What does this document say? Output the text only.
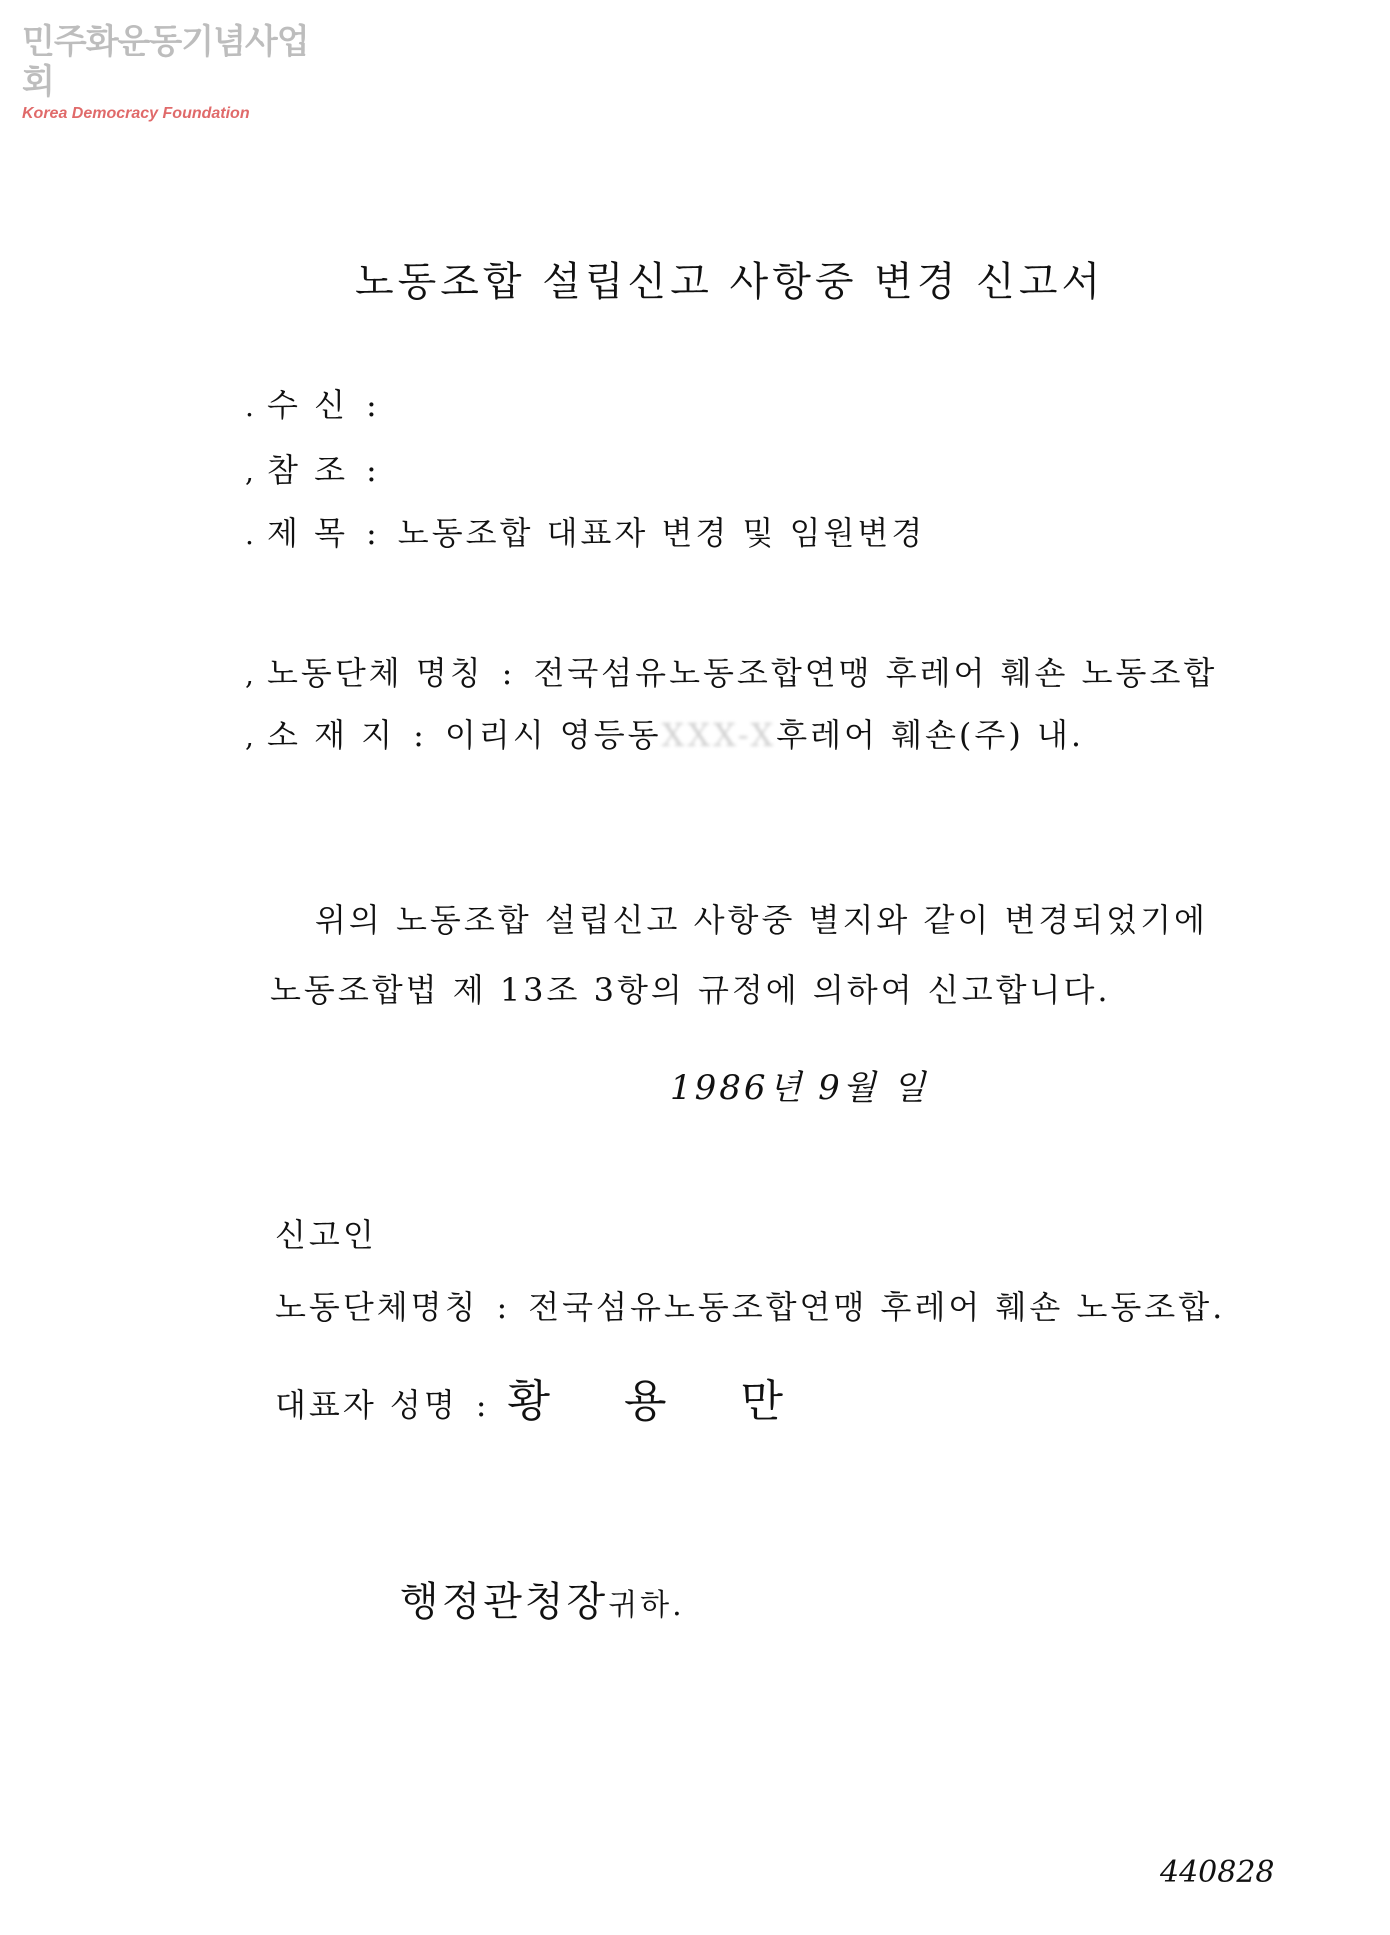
민주화운동기념사업회
Korea Democracy Foundation
노동조합 설립신고 사항중 변경 신고서
. 수 신 :
, 참 조 :
. 제 목 : 노동조합 대표자 변경 및 임원변경
, 노동단체 명칭 : 전국섬유노동조합연맹 후레어 훼숀 노동조합
, 소 재 지 : 이리시 영등동XXX-X후레어 훼숀(주) 내.
위의 노동조합 설립신고 사항중 별지와 같이 변경되었기에
노동조합법 제 13조 3항의 규정에 의하여 신고합니다.
1986년 9월 일
신고인
노동단체명칭 : 전국섬유노동조합연맹 후레어 훼숀 노동조합.
대표자 성명 : 황 용 만
행정관청장귀하.
440828
